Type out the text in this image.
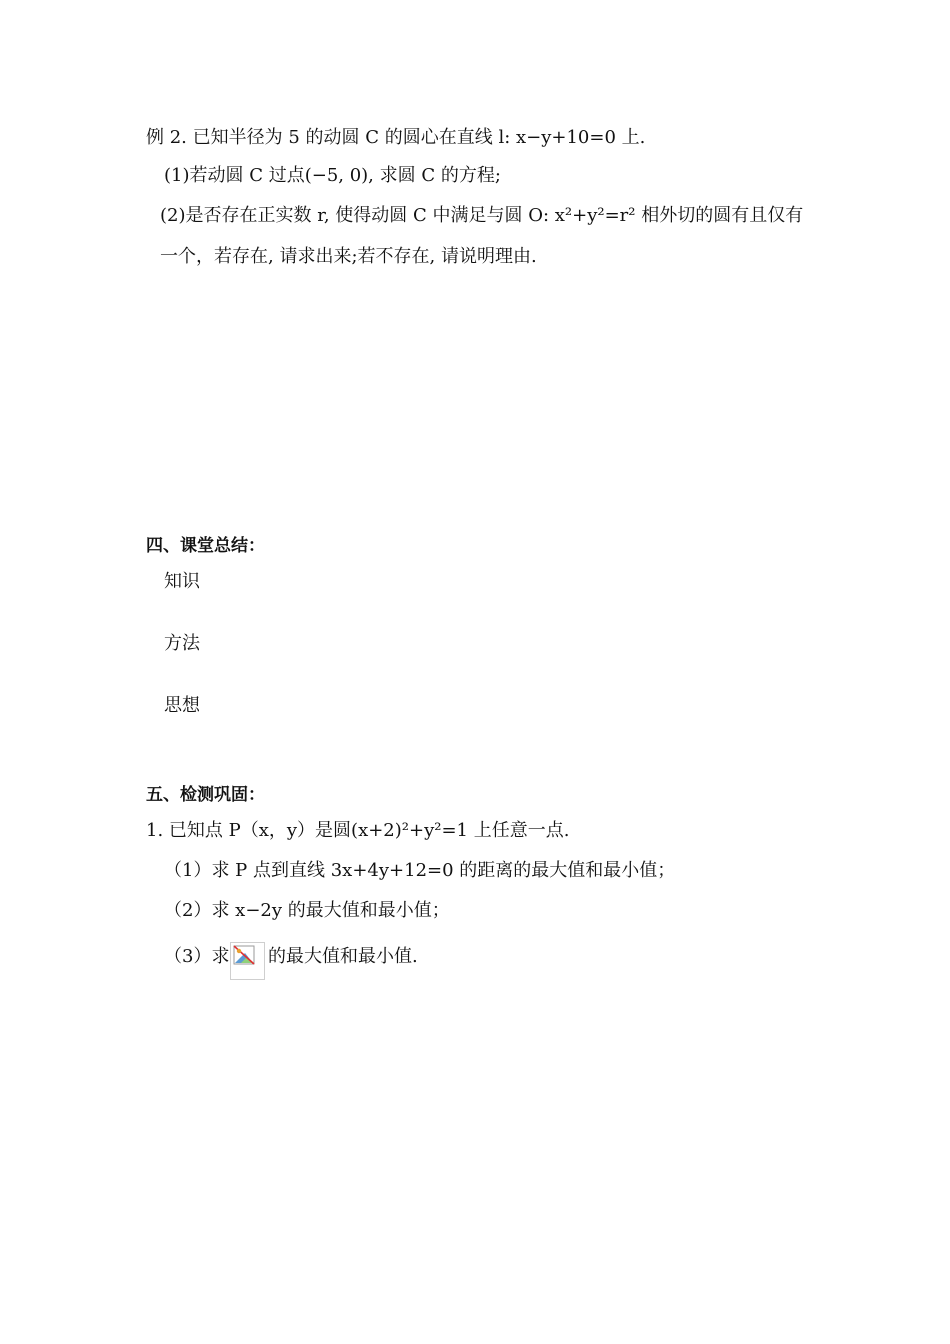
例 2. 已知半径为 5 的动圆 C 的圆心在直线 l: x−y+10=0 上.
(1)若动圆 C 过点(−5, 0), 求圆 C 的方程;
(2)是否存在正实数 r, 使得动圆 C 中满足与圆 O: x²+y²=r² 相外切的圆有且仅有
一个，若存在, 请求出来;若不存在, 请说明理由.
四、课堂总结：
知识
方法
思想
五、检测巩固：
1. 已知点 P（x，y）是圆(x+2)²+y²=1 上任意一点.
（1）求 P 点到直线 3x+4y+12=0 的距离的最大值和最小值；
（2）求 x−2y 的最大值和最小值；
（3）求 的最大值和最小值.
